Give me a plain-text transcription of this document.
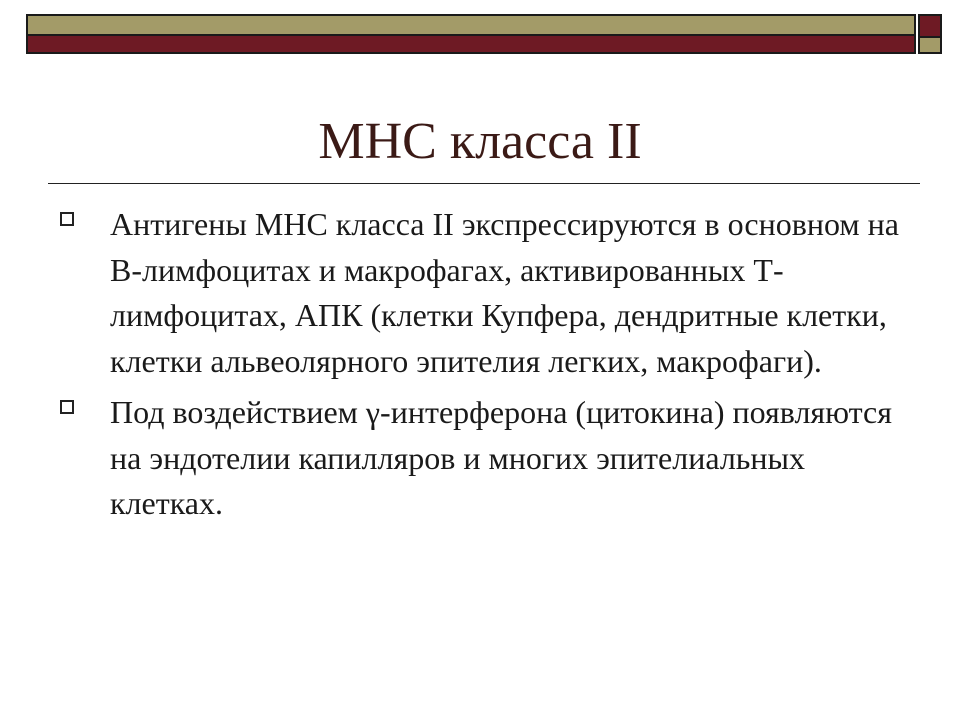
МНС класса II
Антигены МНС класса II экспрессируются в основном на В-лимфоцитах и макрофагах, активированных Т-лимфоцитах, АПК (клетки Купфера, дендритные клетки, клетки альвеолярного эпителия легких, макрофаги).
Под воздействием γ-интерферона (цитокина) появляются на эндотелии капилляров и многих эпителиальных клетках.
